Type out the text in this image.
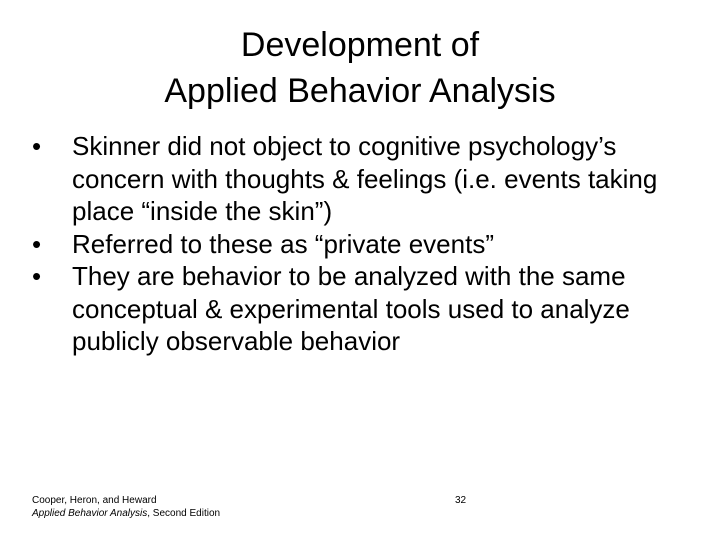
Development of
Applied Behavior Analysis
•	Skinner did not object to cognitive psychology’s concern with thoughts & feelings (i.e. events taking place “inside the skin”)
•	Referred to these as “private events”
•	They are behavior to be analyzed with the same conceptual & experimental tools used to analyze publicly observable behavior
Cooper, Heron, and Heward
Applied Behavior Analysis, Second Edition
32
